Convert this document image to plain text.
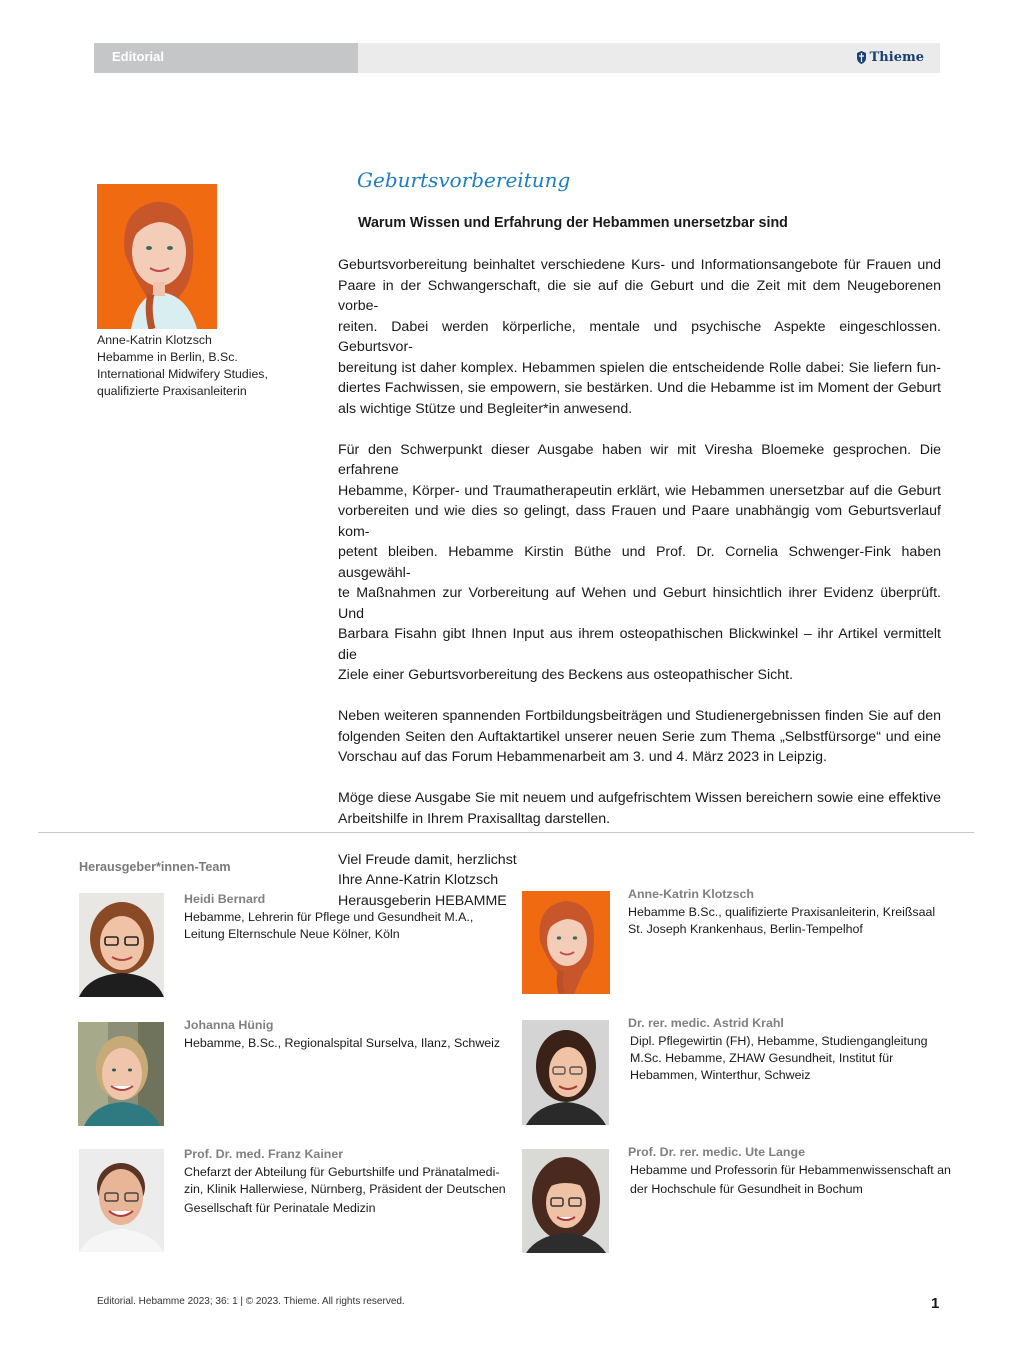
Editorial	Thieme
Anne-Katrin Klotzsch
Hebamme in Berlin, B.Sc.
International Midwifery Studies,
qualifizierte Praxisanleiterin
Geburtsvorbereitung
Warum Wissen und Erfahrung der Hebammen unersetzbar sind

Geburtsvorbereitung beinhaltet verschiedene Kurs- und Informationsangebote für Frauen und
Paare in der Schwangerschaft, die sie auf die Geburt und die Zeit mit dem Neugeborenen vorbe-
reiten. Dabei werden körperliche, mentale und psychische Aspekte eingeschlossen. Geburtsvor-
bereitung ist daher komplex. Hebammen spielen die entscheidende Rolle dabei: Sie liefern fun-
diertes Fachwissen, sie empowern, sie bestärken. Und die Hebamme ist im Moment der Geburt
als wichtige Stütze und Begleiter*in anwesend.

Für den Schwerpunkt dieser Ausgabe haben wir mit Viresha Bloemeke gesprochen. Die erfahrene
Hebamme, Körper- und Traumatherapeutin erklärt, wie Hebammen unersetzbar auf die Geburt
vorbereiten und wie dies so gelingt, dass Frauen und Paare unabhängig vom Geburtsverlauf kom-
petent bleiben. Hebamme Kirstin Büthe und Prof. Dr. Cornelia Schwenger-Fink haben ausgewähl-
te Maßnahmen zur Vorbereitung auf Wehen und Geburt hinsichtlich ihrer Evidenz überprüft. Und
Barbara Fisahn gibt Ihnen Input aus ihrem osteopathischen Blickwinkel – ihr Artikel vermittelt die
Ziele einer Geburtsvorbereitung des Beckens aus osteopathischer Sicht.

Neben weiteren spannenden Fortbildungsbeiträgen und Studienergebnissen finden Sie auf den
folgenden Seiten den Auftaktartikel unserer neuen Serie zum Thema „Selbstfürsorge“ und eine
Vorschau auf das Forum Hebammenarbeit am 3. und 4. März 2023 in Leipzig.

Möge diese Ausgabe Sie mit neuem und aufgefrischtem Wissen bereichern sowie eine effektive
Arbeitshilfe in Ihrem Praxisalltag darstellen.

Viel Freude damit, herzlichst
Ihre Anne-Katrin Klotzsch
Herausgeberin HEBAMME
Herausgeber*innen-Team
Heidi Bernard
Hebamme, Lehrerin für Pflege und Gesundheit M.A.,
Leitung Elternschule Neue Kölner, Köln
Anne-Katrin Klotzsch
Hebamme B.Sc., qualifizierte Praxisanleiterin, Kreißsaal
St. Joseph Krankenhaus, Berlin-Tempelhof
Johanna Hünig
Hebamme, B.Sc., Regionalspital Surselva, Ilanz, Schweiz
Dr. rer. medic. Astrid Krahl
Dipl. Pflegewirtin (FH), Hebamme, Studiengangleitung
M.Sc. Hebamme, ZHAW Gesundheit, Institut für
Hebammen, Winterthur, Schweiz
Prof. Dr. med. Franz Kainer
Chefarzt der Abteilung für Geburtshilfe und Pränatalmedi-
zin, Klinik Hallerwiese, Nürnberg, Präsident der Deutschen
Gesellschaft für Perinatale Medizin
Prof. Dr. rer. medic. Ute Lange
Hebamme und Professorin für Hebammenwissenschaft an
der Hochschule für Gesundheit in Bochum
Editorial. Hebamme 2023; 36: 1 | © 2023. Thieme. All rights reserved.	1
